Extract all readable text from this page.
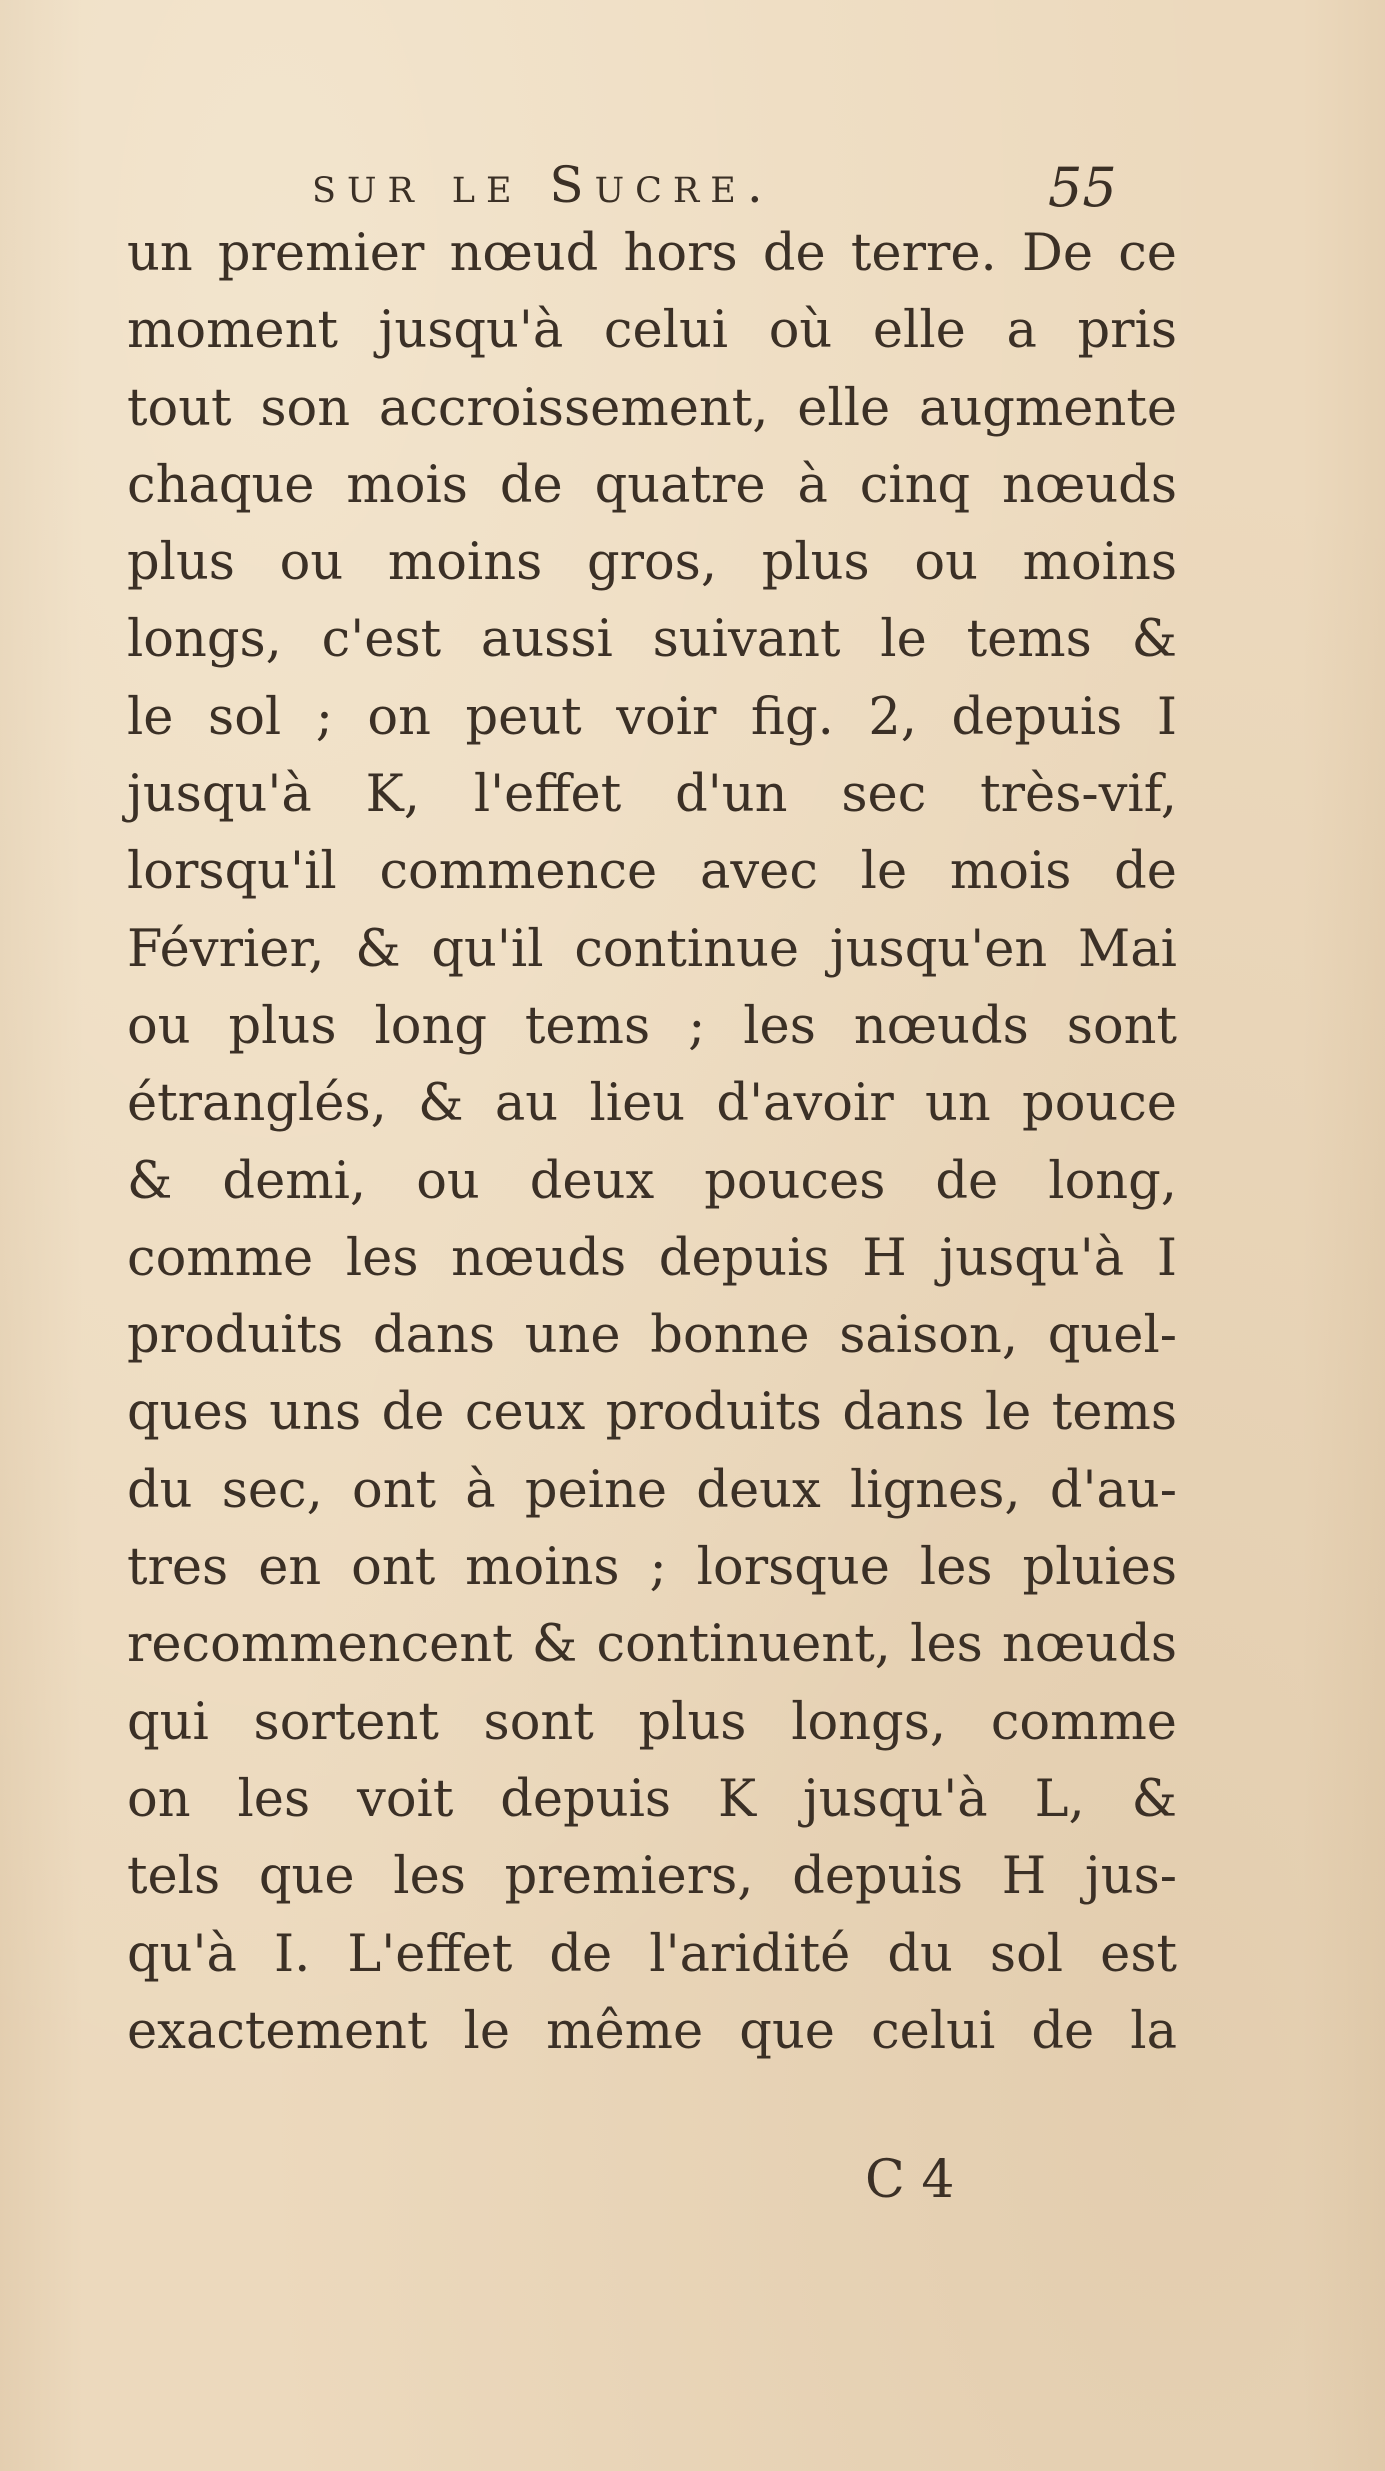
sur le Sucre.	55
un premier nœud hors de terre. De ce
moment jusqu'à celui où elle a pris
tout son accroissement, elle augmente
chaque mois de quatre à cinq nœuds
plus ou moins gros, plus ou moins
longs, c'est aussi suivant le tems &
le sol ; on peut voir fig. 2, depuis I
jusqu'à K, l'effet d'un sec très-vif,
lorsqu'il commence avec le mois de
Février, & qu'il continue jusqu'en Mai
ou plus long tems ; les nœuds sont
étranglés, & au lieu d'avoir un pouce
& demi, ou deux pouces de long,
comme les nœuds depuis H jusqu'à I
produits dans une bonne saison, quel-
ques uns de ceux produits dans le tems
du sec, ont à peine deux lignes, d'au-
tres en ont moins ; lorsque les pluies
recommencent & continuent, les nœuds
qui sortent sont plus longs, comme
on les voit depuis K jusqu'à L, &
tels que les premiers, depuis H jus-
qu'à I. L'effet de l'aridité du sol est
exactement le même que celui de la
C 4
